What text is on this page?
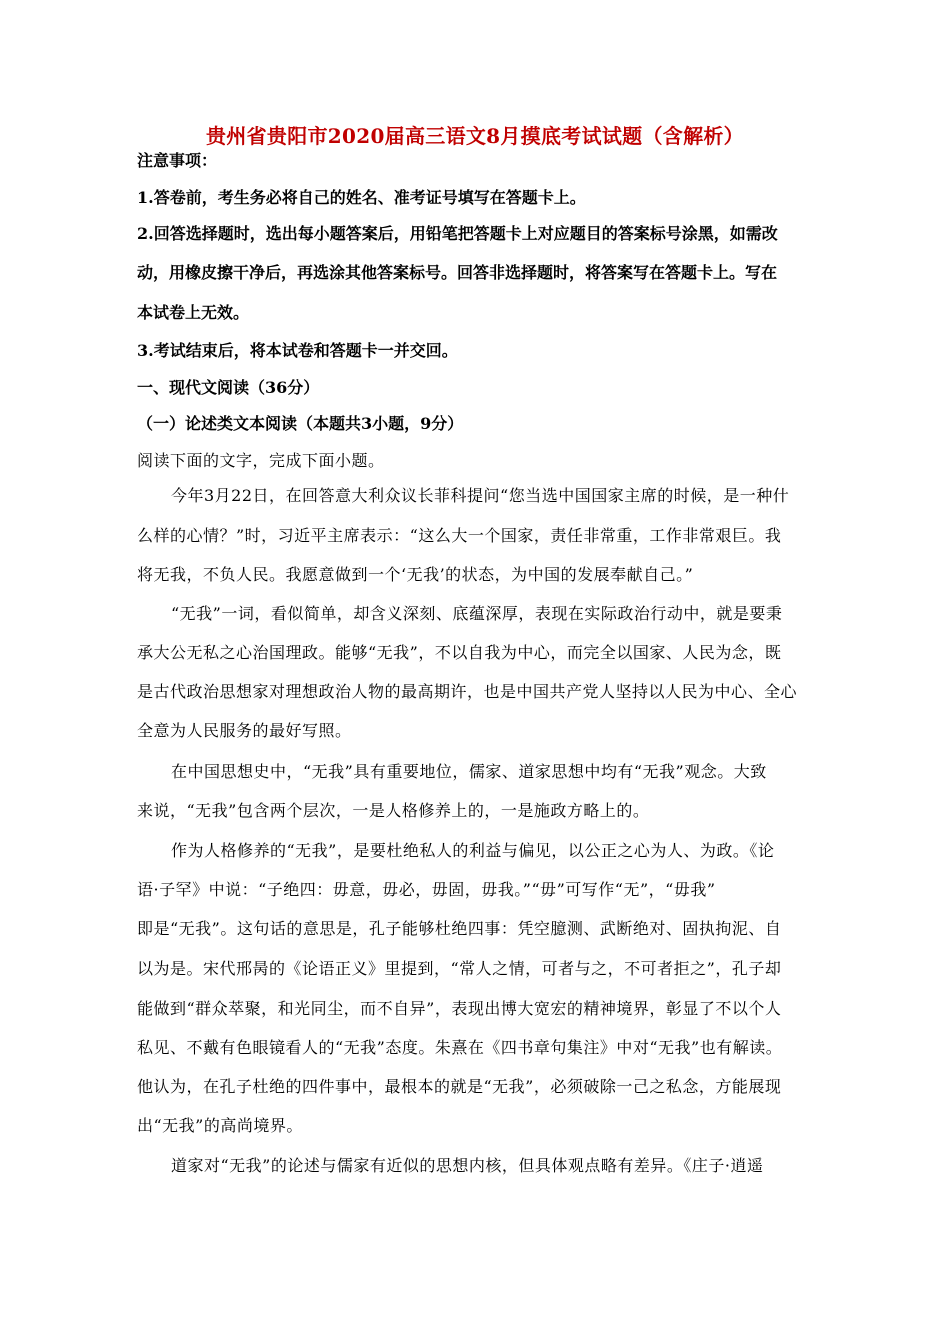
贵州省贵阳市2020届高三语文8月摸底考试试题（含解析）
注意事项：
1.答卷前，考生务必将自己的姓名、准考证号填写在答题卡上。
2.回答选择题时，选出每小题答案后，用铅笔把答题卡上对应题目的答案标号涂黑，如需改
动，用橡皮擦干净后，再选涂其他答案标号。回答非选择题时，将答案写在答题卡上。写在
本试卷上无效。
3.考试结束后，将本试卷和答题卡一并交回。
一、现代文阅读（36分）
（一）论述类文本阅读（本题共3小题，9分）
阅读下面的文字，完成下面小题。
今年3月22日，在回答意大利众议长菲科提问“您当选中国国家主席的时候，是一种什
么样的心情？”时，习近平主席表示：“这么大一个国家，责任非常重，工作非常艰巨。我
将无我，不负人民。我愿意做到一个‘无我’的状态，为中国的发展奉献自己。”
“无我”一词，看似简单，却含义深刻、底蕴深厚，表现在实际政治行动中，就是要秉
承大公无私之心治国理政。能够“无我”，不以自我为中心，而完全以国家、人民为念，既
是古代政治思想家对理想政治人物的最高期许，也是中国共产党人坚持以人民为中心、全心
全意为人民服务的最好写照。
在中国思想史中，“无我”具有重要地位，儒家、道家思想中均有“无我”观念。大致
来说，“无我”包含两个层次，一是人格修养上的，一是施政方略上的。
作为人格修养的“无我”，是要杜绝私人的利益与偏见，以公正之心为人、为政。《论
语·子罕》中说：“子绝四：毋意，毋必，毋固，毋我。”“毋”可写作“无”，“毋我”
即是“无我”。这句话的意思是，孔子能够杜绝四事：凭空臆测、武断绝对、固执拘泥、自
以为是。宋代邢昺的《论语正义》里提到，“常人之情，可者与之，不可者拒之”，孔子却
能做到“群众萃聚，和光同尘，而不自异”，表现出博大宽宏的精神境界，彰显了不以个人
私见、不戴有色眼镜看人的“无我”态度。朱熹在《四书章句集注》中对“无我”也有解读。
他认为，在孔子杜绝的四件事中，最根本的就是“无我”，必须破除一己之私念，方能展现
出“无我”的高尚境界。
道家对“无我”的论述与儒家有近似的思想内核，但具体观点略有差异。《庄子·逍遥
